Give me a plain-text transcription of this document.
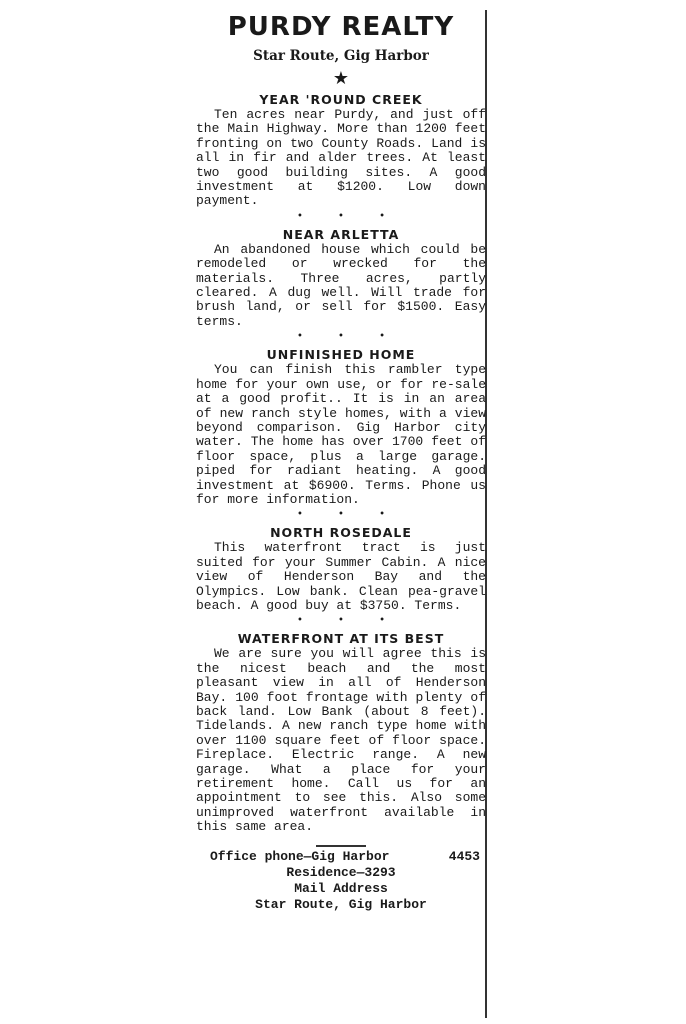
PURDY REALTY
Star Route, Gig Harbor
★
YEAR 'ROUND CREEK

Ten acres near Purdy, and just off the Main Highway. More than 1200 feet fronting on two County Roads. Land is all in fir and alder trees. At least two good building sites. A good investment at $1200. Low down payment.

• • •
NEAR ARLETTA

An abandoned house which could be remodeled or wrecked for the materials. Three acres, partly cleared. A dug well. Will trade for brush land, or sell for $1500. Easy terms.

• • •
UNFINISHED HOME

You can finish this rambler type home for your own use, or for re-sale at a good profit.. It is in an area of new ranch style homes, with a view beyond comparison. Gig Harbor city water. The home has over 1700 feet of floor space, plus a large garage. piped for radiant heating. A good investment at $6900. Terms. Phone us for more information.

• • •
NORTH ROSEDALE

This waterfront tract is just suited for your Summer Cabin. A nice view of Henderson Bay and the Olympics. Low bank. Clean pea-gravel beach. A good buy at $3750. Terms.

• • •
WATERFRONT AT ITS BEST

We are sure you will agree this is the nicest beach and the most pleasant view in all of Henderson Bay. 100 foot frontage with plenty of back land. Low Bank (about 8 feet). Tidelands. A new ranch type home with over 1100 square feet of floor space. Fireplace. Electric range. A new garage. What a place for your retirement home. Call us for an appointment to see this. Also some unimproved waterfront available in this same area.

Office phone—Gig Harbor	4453
Residence—3293
Mail Address
Star Route, Gig Harbor
